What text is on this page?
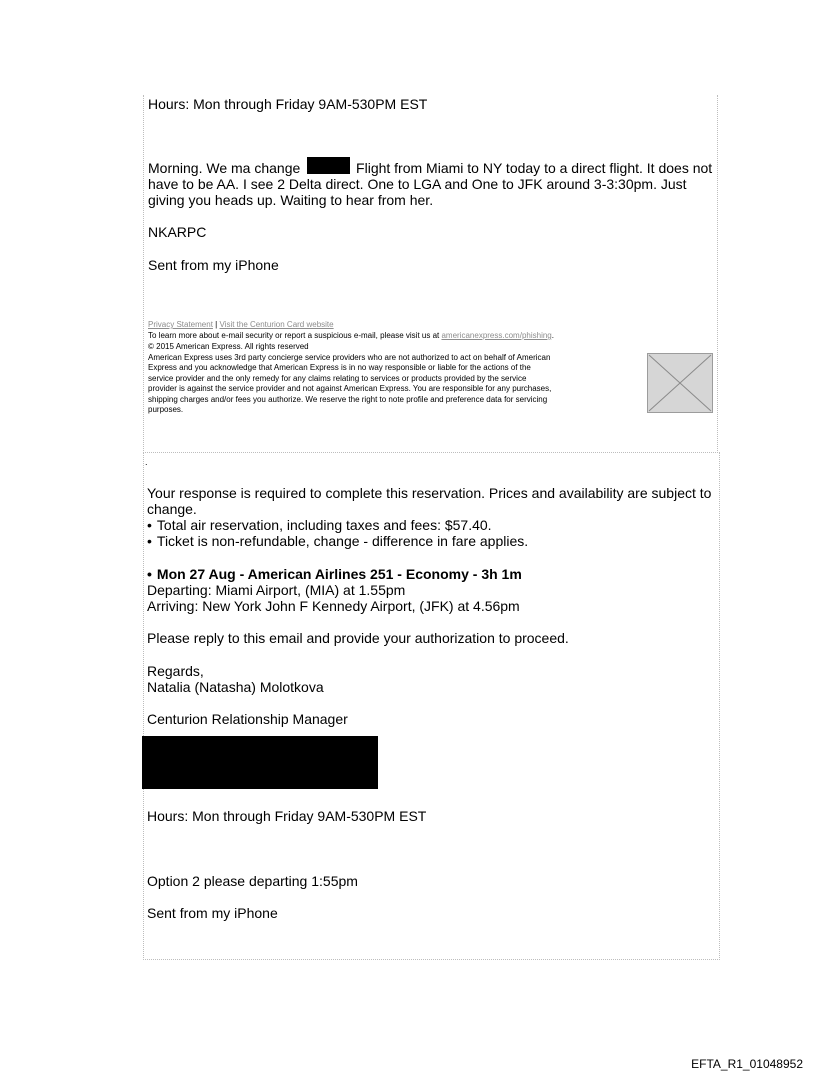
Hours: Mon through Friday 9AM-530PM EST
Morning. We ma change	Flight from Miami to NY today to a direct flight. It does not
have to be AA. I see 2 Delta direct. One to LGA and One to JFK around 3-3:30pm. Just
giving you heads up. Waiting to hear from her.
NKARPC
Sent from my iPhone
Privacy Statement | Visit the Centurion Card website
To learn more about e-mail security or report a suspicious e-mail, please visit us at americanexpress.com/phishing.
© 2015 American Express. All rights reserved
American Express uses 3rd party concierge service providers who are not authorized to act on behalf of American
Express and you acknowledge that American Express is in no way responsible or liable for the actions of the
service provider and the only remedy for any claims relating to services or products provided by the service
provider is against the service provider and not against American Express. You are responsible for any purchases,
shipping charges and/or fees you authorize. We reserve the right to note profile and preference data for servicing
purposes.
.
Your response is required to complete this reservation. Prices and availability are subject to
change.
• Total air reservation, including taxes and fees: $57.40.
• Ticket is non-refundable, change - difference in fare applies.
• Mon 27 Aug - American Airlines 251 - Economy - 3h 1m
Departing: Miami Airport, (MIA) at 1.55pm
Arriving: New York John F Kennedy Airport, (JFK) at 4.56pm
Please reply to this email and provide your authorization to proceed.
Regards,
Natalia (Natasha) Molotkova
Centurion Relationship Manager
Hours: Mon through Friday 9AM-530PM EST
Option 2 please departing 1:55pm
Sent from my iPhone
EFTA_R1_01048952
